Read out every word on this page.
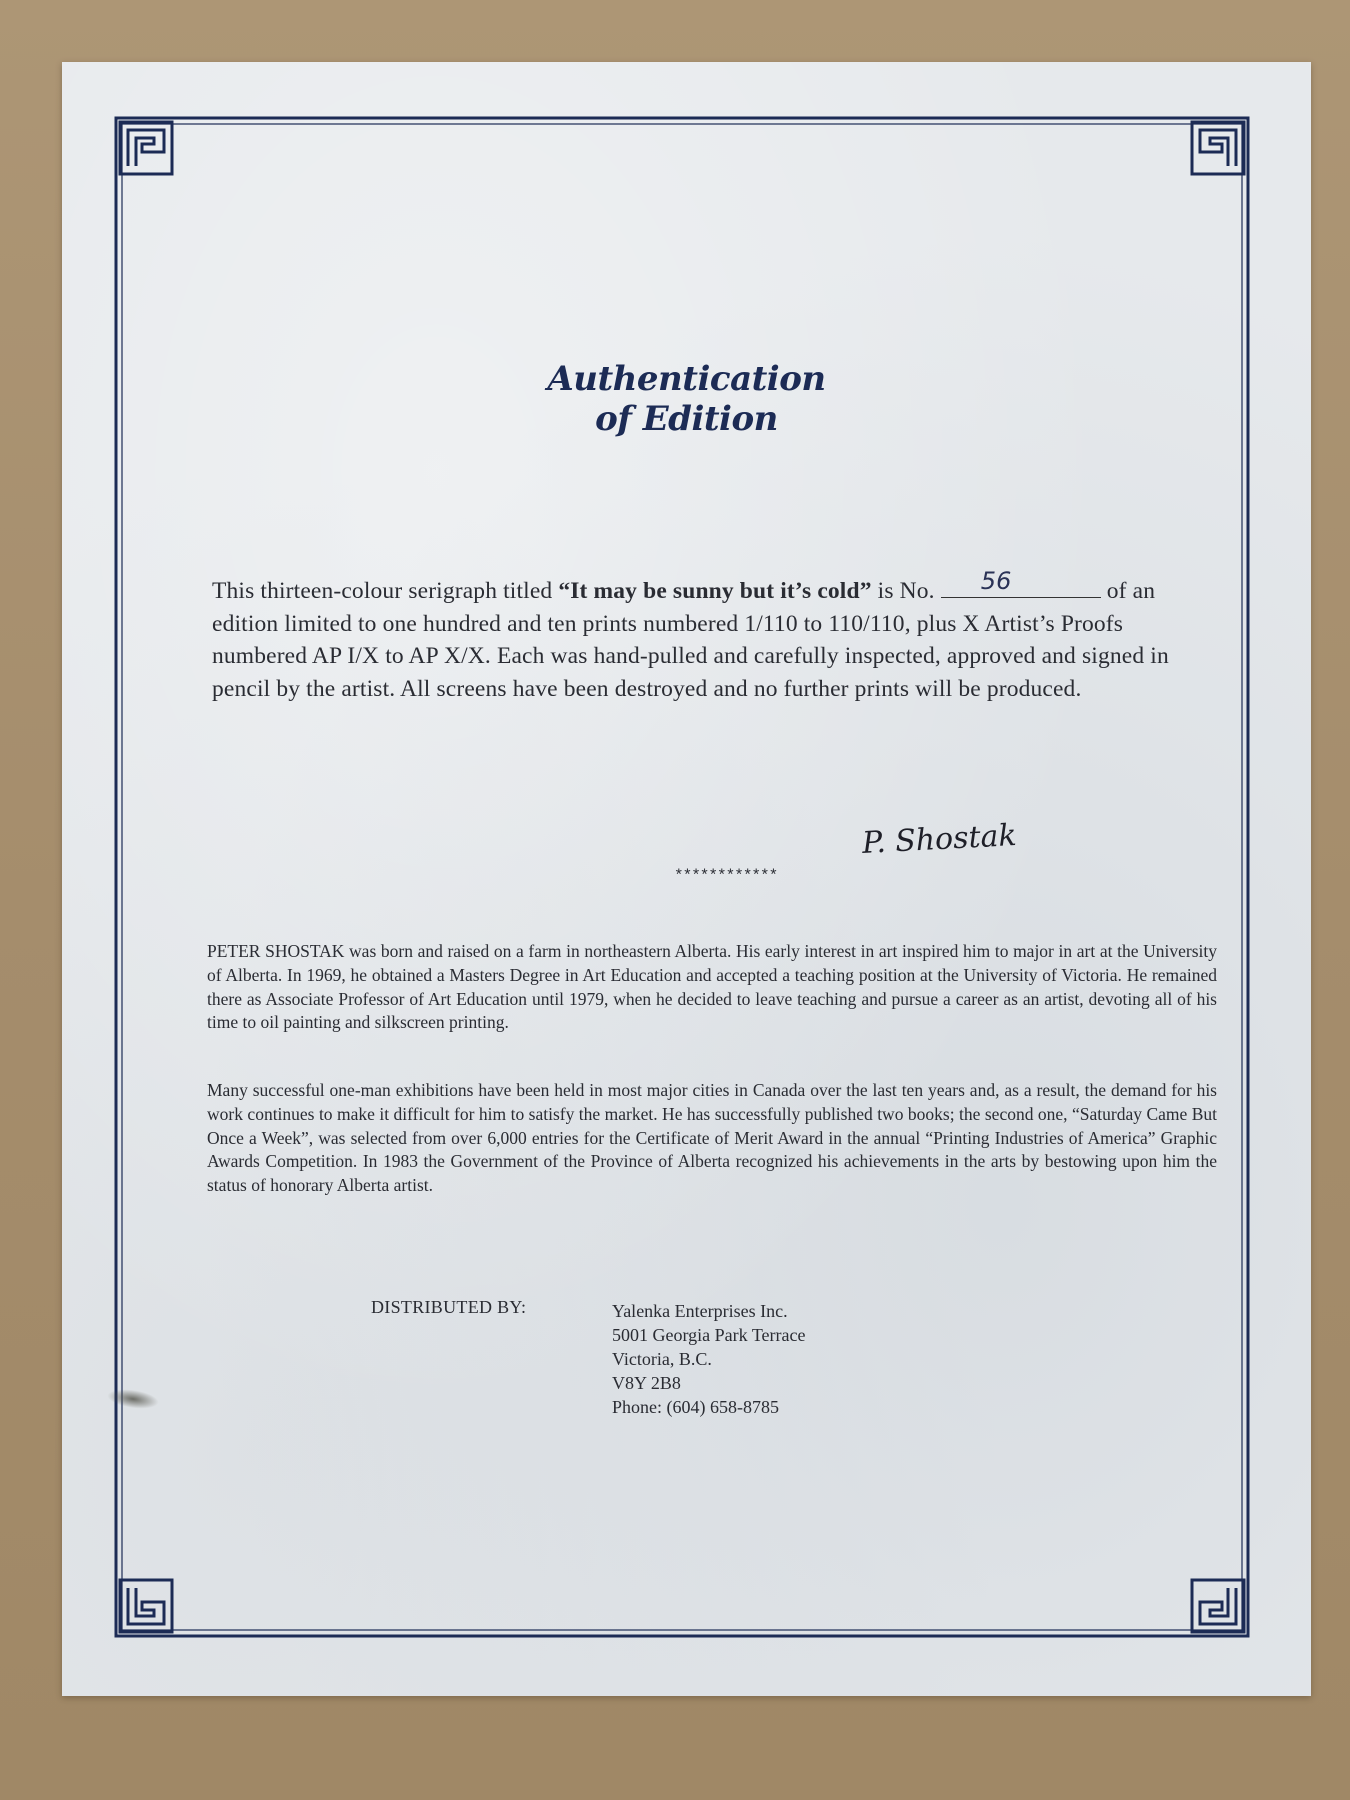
Authentication
of Edition
This thirteen-colour serigraph titled “It may be sunny but it’s cold” is No. 56	of an edition limited to one hundred and ten prints numbered 1/110 to 110/110, plus X Artist’s Proofs numbered AP I/X to AP X/X. Each was hand-pulled and carefully inspected, approved and signed in pencil by the artist. All screens have been destroyed and no further prints will be produced.
P. Shostak
************
PETER SHOSTAK was born and raised on a farm in northeastern Alberta. His early interest in art inspired him to major in art at the University of Alberta. In 1969, he obtained a Masters Degree in Art Education and accepted a teaching position at the University of Victoria. He remained there as Associate Professor of Art Education until 1979, when he decided to leave teaching and pursue a career as an artist, devoting all of his time to oil painting and silkscreen printing.
Many successful one-man exhibitions have been held in most major cities in Canada over the last ten years and, as a result, the demand for his work continues to make it difficult for him to satisfy the market. He has successfully published two books; the second one, “Saturday Came But Once a Week”, was selected from over 6,000 entries for the Certificate of Merit Award in the annual “Printing Industries of America” Graphic Awards Competition. In 1983 the Government of the Province of Alberta recognized his achievements in the arts by bestowing upon him the status of honorary Alberta artist.
DISTRIBUTED BY:	Yalenka Enterprises Inc.
5001 Georgia Park Terrace
Victoria, B.C.
V8Y 2B8
Phone: (604) 658-8785
